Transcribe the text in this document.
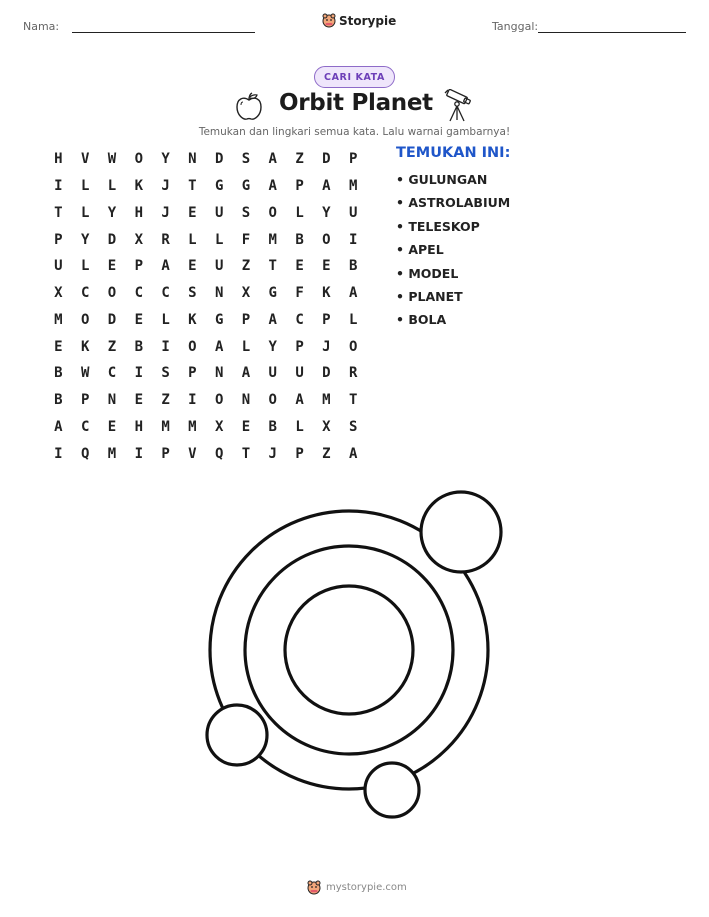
Nama:	Storypie	Tanggal:
CARI KATA
Orbit Planet
Temukan dan lingkari semua kata. Lalu warnai gambarnya!
H	V	W	O	Y	N	D	S	A	Z	D	P
I	L	L	K	J	T	G	G	A	P	A	M
T	L	Y	H	J	E	U	S	O	L	Y	U
P	Y	D	X	R	L	L	F	M	B	O	I
U	L	E	P	A	E	U	Z	T	E	E	B
X	C	O	C	C	S	N	X	G	F	K	A
M	O	D	E	L	K	G	P	A	C	P	L
E	K	Z	B	I	O	A	L	Y	P	J	O
B	W	C	I	S	P	N	A	U	U	D	R
B	P	N	E	Z	I	O	N	O	A	M	T
A	C	E	H	M	M	X	E	B	L	X	S
I	Q	M	I	P	V	Q	T	J	P	Z	A
TEMUKAN INI:
• GULUNGAN
• ASTROLABIUM
• TELESKOP
• APEL
• MODEL
• PLANET
• BOLA
mystorypie.com
